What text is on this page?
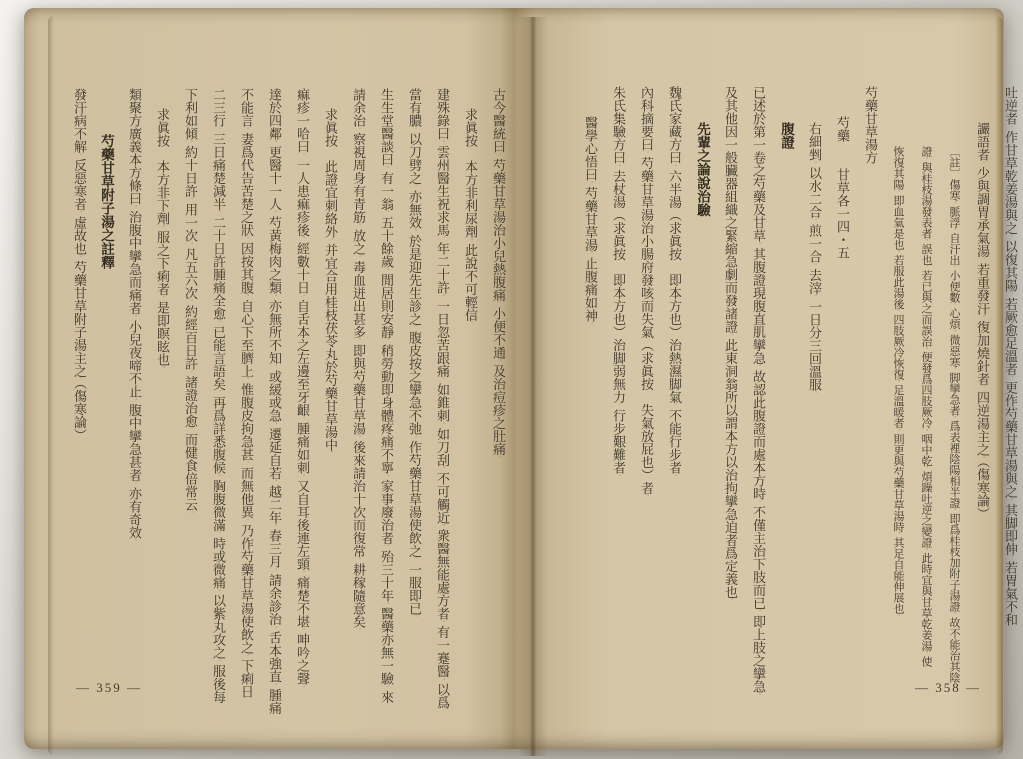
吐逆者。作甘草乾姜湯與之。以復其陽。若厥愈足溫者。更作芍藥甘草湯與之。其脚即伸。若胃氣不和
讝語者。少與調胃承氣湯。若重發汗。復加燒針者。四逆湯主之。（傷寒論）
〔註〕傷寒。脈浮。自汗出。小便數。心煩。微惡寒。脚攣急者。爲表裡陰陽相半證。即爲桂枝加附子湯證。故不能治其陰
證。與桂枝湯發表者。誤也。若已與之而誤治。便發爲四肢厥冷。咽中乾。煩躁吐逆之變證。此時宜與甘草乾姜湯。使
恢復其陽。即血氣是也。若服此湯後。四肢厥冷恢復。足溫暖者。則更與芍藥甘草湯時。其足自能伸展也。
芍藥甘草湯方
芍藥　　甘草各一四・五
右細剉。以水二合。煎一合。去滓。一日分三回溫服。
腹證
已述於第一卷之芍藥及甘草。其腹證現腹直肌攣急。故認此腹證而處本方時。不僅主治下肢而已。即上肢之攣急。
及其他因一般臟器組織之緊縮急劇而發諸證。此東洞翁所以謂本方以治拘攣急迫者爲定義也。
先輩之論說治驗
魏氏家藏方曰。六半湯（求眞按　即本方也）治熱濕脚氣。不能行步者。
內科摘要曰。芍藥甘草湯治小腸府發咳而失氣（求眞按　失氣放屁也）者。
朱氏集驗方曰。去杖湯（求眞按　即本方也）治脚弱無力。行步艱難者。
醫學心悟曰。芍藥甘草湯。止腹痛如神。
古今醫統曰。芍藥甘草湯治小兒熱腹痛。小便不通。及治痘疹之肚痛。
求眞按　本方非利尿劑。此說不可輕信。
建殊錄曰。雲州醫生祝求馬。年二十許。一日忽苦跟痛。如錐刺。如刀刮。不可觸近。衆醫無能處方者。有一蹇醫。以爲
當有膿。以刀劈之。亦無效。於是迎先生診之。腹皮按之攣急不弛。作芍藥甘草湯使飲之。一服即已。
生生堂醫談曰。有一翁。五十餘歲。閒居則安靜。稍勞動即身體疼痛不寧。家事廢治者。殆三十年。醫藥亦無一驗。來
請余治。察視周身有青筋。放之。毒血迸出甚多。即與芍藥甘草湯。後來請治十次而復常。耕稼隨意矣。
求眞按　此證宜刺絡外。并宜合用桂枝茯苓丸於芍藥甘草湯中。
痲疹一哈曰。一人患痲疹後。經數十日。自舌本之左邊至牙齦。腫痛如刺。又自耳後連左頸。痛楚不堪。呻吟之聲。
達於四鄰。更醫十一人。芍黃梅肉之類。亦無所不知。或緩或急。遷延自若。越二年。春三月。請余診治。舌本強直。腫痛
不能言。妻爲代告苦楚之狀。因按其腹。自心下至臍上。惟腹皮拘急甚。而無他異。乃作芍藥甘草湯使飲之。下痢日
二三行。三日痛楚減半。二十日許腫痛全愈。已能言語矣。再爲詳悉腹候。胸腹微滿。時或微痛。以紫丸攻之。服後每
下利如傾。約十日許。用一次。凡五六次。約經百日許。諸證治愈。而健食倍常云。
求眞按　本方非下劑。服之下痢者。是即瞑眩也。
類聚方廣義本方條曰。治腹中攣急而痛者。小兒夜啼不止。腹中攣急甚者。亦有奇效。
芍藥甘草附子湯之註釋
發汗病不解。反惡寒者。虛故也。芍藥甘草附子湯主之。（傷寒論）
— 359 —	— 358 —
